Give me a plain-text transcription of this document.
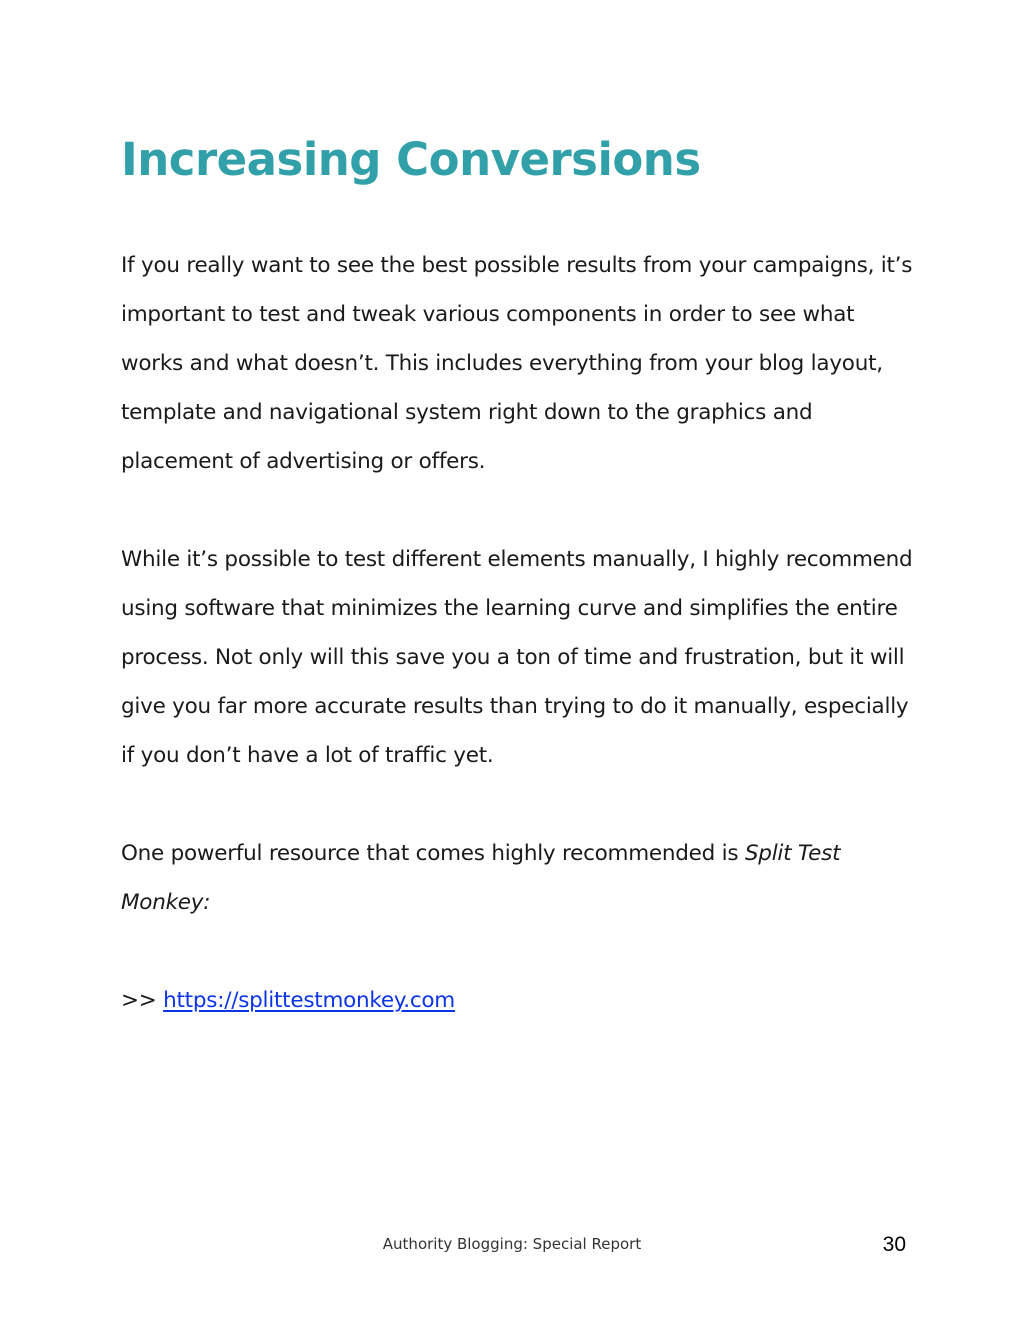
Increasing Conversions

If you really want to see the best possible results from your campaigns, it’s important to test and tweak various components in order to see what works and what doesn’t. This includes everything from your blog layout, template and navigational system right down to the graphics and placement of advertising or offers.

While it’s possible to test different elements manually, I highly recommend using software that minimizes the learning curve and simplifies the entire process. Not only will this save you a ton of time and frustration, but it will give you far more accurate results than trying to do it manually, especially if you don’t have a lot of traffic yet.

One powerful resource that comes highly recommended is Split Test Monkey:

>> https://splittestmonkey.com

Authority Blogging: Special Report	30
